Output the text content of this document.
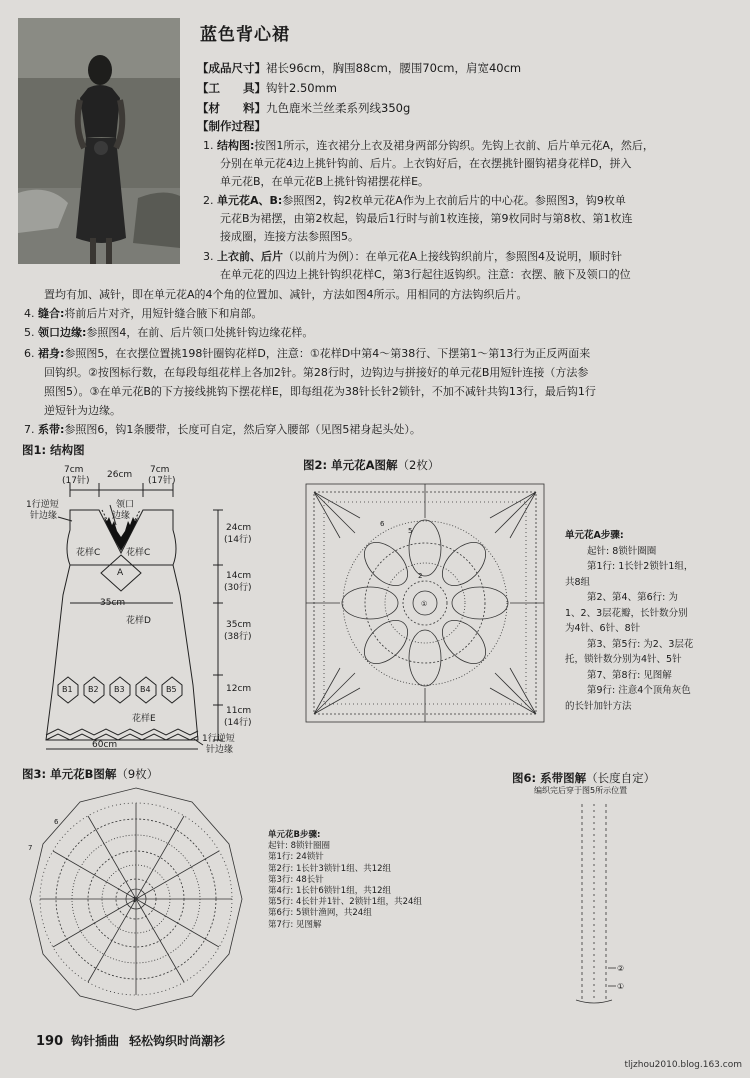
蓝色背心裙
【成品尺寸】裙长96cm，胸围88cm，腰围70cm，肩宽40cm
【工　　具】钩针2.50mm
【材　　料】九色鹿米兰丝柔系列线350g
【制作过程】
1. 结构图:按图1所示，连衣裙分上衣及裙身两部分钩织。先钩上衣前、后片单元花A，然后，
分别在单元花4边上挑针钩前、后片。上衣钩好后，在衣摆挑针圈钩裙身花样D，拼入
单元花B，在单元花B上挑针钩裙摆花样E。
2. 单元花A、B:参照图2，钩2枚单元花A作为上衣前后片的中心花。参照图3，钩9枚单
元花B为裙摆，由第2枚起，钩最后1行时与前1枚连接，第9枚同时与第8枚、第1枚连
接成圈，连接方法参照图5。
3. 上衣前、后片（以前片为例）：在单元花A上接线钩织前片，参照图4及说明，顺时针
在单元花的四边上挑针钩织花样C，第3行起往返钩织。注意：衣摆、腋下及领口的位
置均有加、减针，即在单元花A的4个角的位置加、减针，方法如图4所示。用相同的方法钩织后片。
4. 缝合:将前后片对齐，用短针缝合腋下和肩部。
5. 领口边缘:参照图4，在前、后片领口处挑针钩边缘花样。
6. 裙身:参照图5，在衣摆位置挑198针圈钩花样D，注意：①花样D中第4～第38行、下摆第1～第13行为正反两面来
回钩织。②按图标行数，在每段每组花样上各加2针。第28行时，边钩边与拼接好的单元花B用短针连接（方法参
照图5）。③在单元花B的下方接线挑钩下摆花样E，即每组花为38针长针2锁针，不加不减针共钩13行，最后钩1行
逆短针为边缘。
7. 系带:参照图6，钩1条腰带，长度可自定，然后穿入腰部（见图5裙身起头处）。
图1: 结构图
7cm
(17针)
26cm 7cm
(17针)
1行逆短
针边缘
领口
边缘
花样C	花样C
A
35cm
花样D
B1 B2 B3 B4 B5
花样E
60cm
1行逆短
针边缘
24cm
(14行)
14cm
(30行)
35cm
(38行)
12cm
11cm
(14行)
图2: 单元花A图解（2枚）
6
5
2
①
单元花A步骤:
起针: 8锁针圈圈
第1行: 1长针2锁针1组，
共8组
第2、第4、第6行: 为
1、2、3层花瓣，长针数分别
为4针、6针、8针
第3、第5行: 为2、3层花
托，锁针数分别为4针、5针
第7、第8行: 见图解
第9行: 注意4个顶角灰色
的长针加针方法
图3: 单元花B图解（9枚）
7
6
1
单元花B步骤:
起针: 8锁针圈圈
第1行: 24锁针
第2行: 1长针3锁针1组、共12组
第3行: 48长针
第4行: 1长针6锁针1组，共12组
第5行: 4长针并1针、2锁针1组，共24组
第6行: 5锁针渔网，共24组
第7行: 见图解
图6: 系带图解（长度自定）
编织完后穿于图5所示位置
②
①
190 钩针插曲 轻松钩织时尚潮衫
tljzhou2010.blog.163.com
